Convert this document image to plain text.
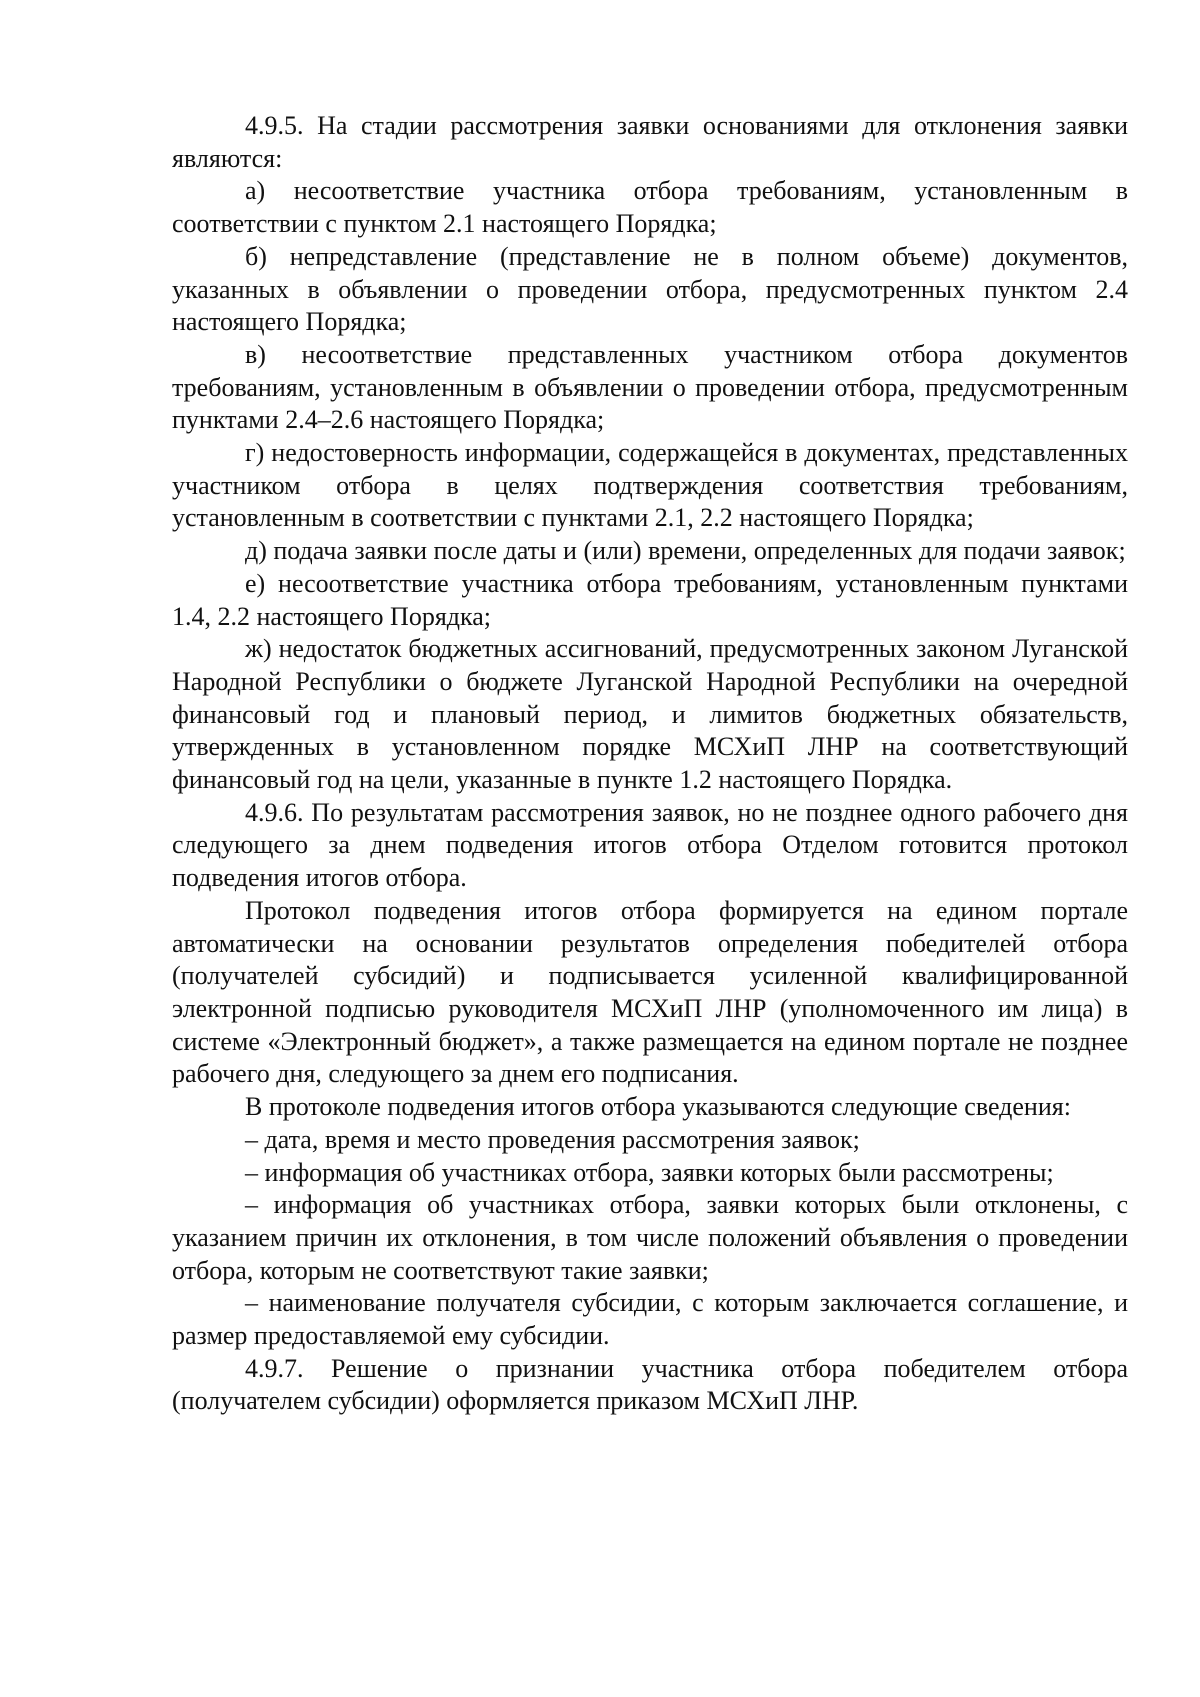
4.9.5. На стадии рассмотрения заявки основаниями для отклонения заявки являются:

а) несоответствие участника отбора требованиям, установленным в соответствии с пунктом 2.1 настоящего Порядка;

б) непредставление (представление не в полном объеме) документов, указанных в объявлении о проведении отбора, предусмотренных пунктом 2.4 настоящего Порядка;

в) несоответствие представленных участником отбора документов требованиям, установленным в объявлении о проведении отбора, предусмотренным пунктами 2.4–2.6 настоящего Порядка;

г) недостоверность информации, содержащейся в документах, представленных участником отбора в целях подтверждения соответствия требованиям, установленным в соответствии с пунктами 2.1, 2.2 настоящего Порядка;

д) подача заявки после даты и (или) времени, определенных для подачи заявок;

е) несоответствие участника отбора требованиям, установленным пунктами 1.4, 2.2 настоящего Порядка;

ж) недостаток бюджетных ассигнований, предусмотренных законом Луганской Народной Республики о бюджете Луганской Народной Республики на очередной финансовый год и плановый период, и лимитов бюджетных обязательств, утвержденных в установленном порядке МСХиП ЛНР на соответствующий финансовый год на цели, указанные в пункте 1.2 настоящего Порядка.

4.9.6. По результатам рассмотрения заявок, но не позднее одного рабочего дня следующего за днем подведения итогов отбора Отделом готовится протокол подведения итогов отбора.

Протокол подведения итогов отбора формируется на едином портале автоматически на основании результатов определения победителей отбора (получателей субсидий) и подписывается усиленной квалифицированной электронной подписью руководителя МСХиП ЛНР (уполномоченного им лица) в системе «Электронный бюджет», а также размещается на едином портале не позднее рабочего дня, следующего за днем его подписания.

В протоколе подведения итогов отбора указываются следующие сведения:

– дата, время и место проведения рассмотрения заявок;

– информация об участниках отбора, заявки которых были рассмотрены;

– информация об участниках отбора, заявки которых были отклонены, с указанием причин их отклонения, в том числе положений объявления о проведении отбора, которым не соответствуют такие заявки;

– наименование получателя субсидии, с которым заключается соглашение, и размер предоставляемой ему субсидии.

4.9.7. Решение о признании участника отбора победителем отбора (получателем субсидии) оформляется приказом МСХиП ЛНР.
